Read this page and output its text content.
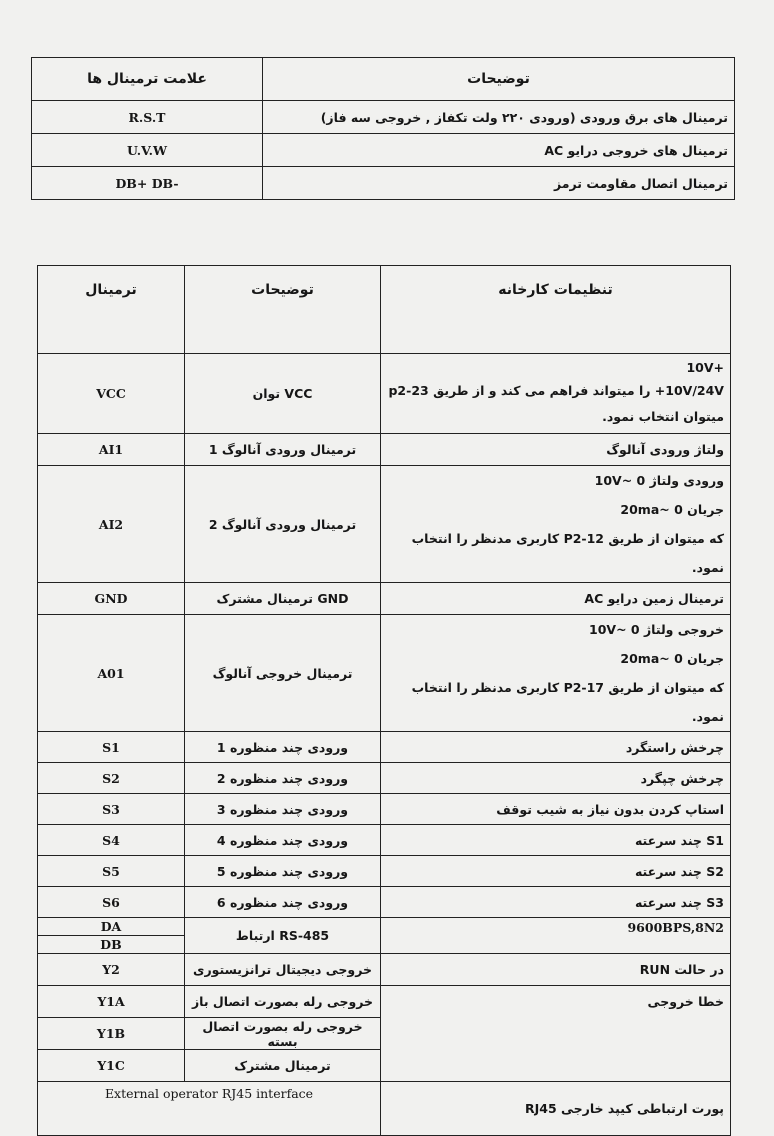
علامت ترمینال ها	توضیحات
R.S.T	ترمینال های برق ورودی (ورودی ۲۲۰ ولت تکفاز , خروجی سه فاز)
U.V.W	ترمینال های خروجی درایو AC
DB+ DB-	ترمینال اتصال مقاومت ترمز
ترمینال	توضیحات	تنظیمات کارخانه
VCC	توان VCC	+10V
10V/24V+ را میتواند فراهم می کند و از طریق p2-23
میتوان انتخاب نمود.

AI1	ترمینال ورودی آنالوگ 1	ولتاژ ورودی آنالوگ
AI2	ترمینال ورودی آنالوگ 2	ورودی ولتاژ 10V~ 0
جریان 20ma~ 0
که میتوان از طریق P2-12 کاربری مدنظر را انتخاب نمود.

GND	ترمینال مشترک GND	ترمینال زمین درایو AC
A01	ترمینال خروجی آنالوگ	خروجی ولتاژ 10V~ 0
جریان 20ma~ 0
که میتوان از طریق P2-17 کاربری مدنظر را انتخاب نمود.

S1	ورودی چند منظوره 1	چرخش راستگرد
S2	ورودی چند منظوره 2	چرخش چپگرد
S3	ورودی چند منظوره 3	استاپ کردن بدون نیاز به شیب توقف
S4	ورودی چند منظوره 4	S1 چند سرعته
S5	ورودی چند منظوره 5	S2 چند سرعته
S6	ورودی چند منظوره 6	S3 چند سرعته
DA	ارتباط RS-485	9600BPS,8N2
DB		
Y2	خروجی دیجیتال ترانزیستوری	در حالت RUN
Y1A	خروجی رله بصورت اتصال باز	خطا خروجی
Y1B	خروجی رله بصورت اتصال بسته	
Y1C	ترمینال مشترک	
External operator RJ45 interface		پورت ارتباطی کیپد خارجی RJ45
